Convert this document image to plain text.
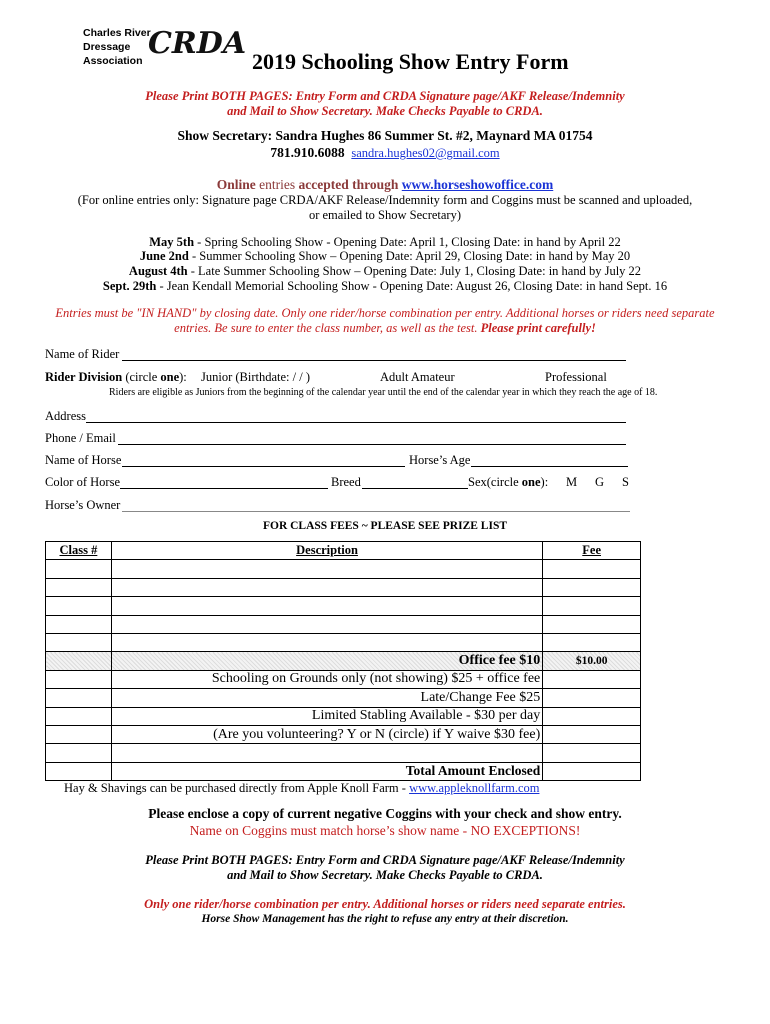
Charles River
Dressage
Association CRDA
2019 Schooling Show Entry Form
Please Print BOTH PAGES: Entry Form and CRDA Signature page/AKF Release/Indemnity
and Mail to Show Secretary. Make Checks Payable to CRDA.
Show Secretary: Sandra Hughes 86 Summer St. #2, Maynard MA 01754
781.910.6088 sandra.hughes02@gmail.com
Online entries accepted through www.horseshowoffice.com
(For online entries only: Signature page CRDA/AKF Release/Indemnity form and Coggins must be scanned and uploaded,
or emailed to Show Secretary)
May 5th - Spring Schooling Show - Opening Date: April 1, Closing Date: in hand by April 22
June 2nd - Summer Schooling Show – Opening Date: April 29, Closing Date: in hand by May 20
August 4th - Late Summer Schooling Show – Opening Date: July 1, Closing Date: in hand by July 22
Sept. 29th - Jean Kendall Memorial Schooling Show - Opening Date: August 26, Closing Date: in hand Sept. 16
Entries must be "IN HAND" by closing date. Only one rider/horse combination per entry. Additional horses or riders need separate
entries. Be sure to enter the class number, as well as the test. Please print carefully!
Name of Rider
Rider Division (circle one): Junior (Birthdate: / / )	Adult Amateur	Professional
Riders are eligible as Juniors from the beginning of the calendar year until the end of the calendar year in which they reach the age of 18.
Address
Phone / Email
Name of Horse	Horse’s Age
Color of Horse	Breed	Sex(circle one): M G S
Horse’s Owner
FOR CLASS FEES ~ PLEASE SEE PRIZE LIST
Class #	Description	Fee

	Office fee $10	$10.00
	Schooling on Grounds only (not showing) $25 + office fee	
	Late/Change Fee $25	
	Limited Stabling Available - $30 per day	
	(Are you volunteering? Y or N (circle) if Y waive $30 fee)	

	Total Amount Enclosed	
Hay & Shavings can be purchased directly from Apple Knoll Farm - www.appleknollfarm.com
Please enclose a copy of current negative Coggins with your check and show entry.
Name on Coggins must match horse’s show name - NO EXCEPTIONS!
Please Print BOTH PAGES: Entry Form and CRDA Signature page/AKF Release/Indemnity
and Mail to Show Secretary. Make Checks Payable to CRDA.
Only one rider/horse combination per entry. Additional horses or riders need separate entries.
Horse Show Management has the right to refuse any entry at their discretion.
